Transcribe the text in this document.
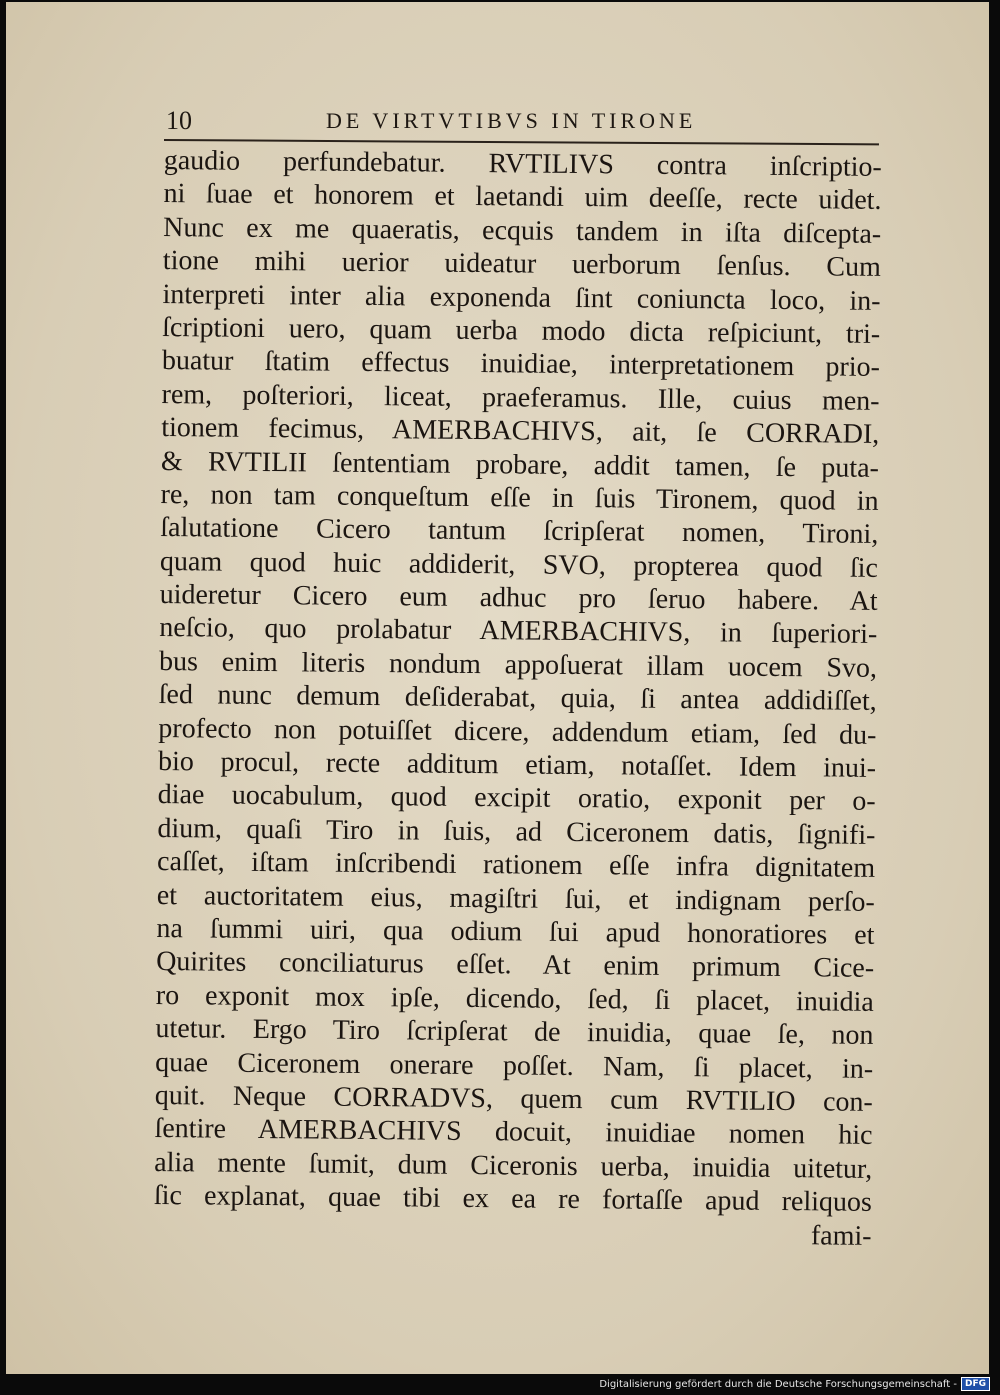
10	DE VIRTVTIBVS IN TIRONE
gaudio perfundebatur. RVTILIVS contra inſcriptio-
ni ſuae et honorem et laetandi uim deeſſe, recte uidet.
Nunc ex me quaeratis, ecquis tandem in iſta diſcepta-
tione mihi uerior uideatur uerborum ſenſus. Cum
interpreti inter alia exponenda ſint coniuncta loco, in-
ſcriptioni uero, quam uerba modo dicta reſpiciunt, tri-
buatur ſtatim effectus inuidiae, interpretationem prio-
rem, poſteriori, liceat, praeferamus. Ille, cuius men-
tionem fecimus, AMERBACHIVS, ait, ſe CORRADI,
& RVTILII ſententiam probare, addit tamen, ſe puta-
re, non tam conqueſtum eſſe in ſuis Tironem, quod in
ſalutatione Cicero tantum ſcripſerat nomen, Tironi,
quam quod huic addiderit, SVO, propterea quod ſic
uideretur Cicero eum adhuc pro ſeruo habere. At
neſcio, quo prolabatur AMERBACHIVS, in ſuperiori-
bus enim literis nondum appoſuerat illam uocem Svo,
ſed nunc demum deſiderabat, quia, ſi antea addidiſſet,
profecto non potuiſſet dicere, addendum etiam, ſed du-
bio procul, recte additum etiam, notaſſet. Idem inui-
diae uocabulum, quod excipit oratio, exponit per o-
dium, quaſi Tiro in ſuis, ad Ciceronem datis, ſignifi-
caſſet, iſtam inſcribendi rationem eſſe infra dignitatem
et auctoritatem eius, magiſtri ſui, et indignam perſo-
na ſummi uiri, qua odium ſui apud honoratiores et
Quirites conciliaturus eſſet. At enim primum Cice-
ro exponit mox ipſe, dicendo, ſed, ſi placet, inuidia
utetur. Ergo Tiro ſcripſerat de inuidia, quae ſe, non
quae Ciceronem onerare poſſet. Nam, ſi placet, in-
quit. Neque CORRADVS, quem cum RVTILIO con-
ſentire AMERBACHIVS docuit, inuidiae nomen hic
alia mente ſumit, dum Ciceronis uerba, inuidia uitetur,
ſic explanat, quae tibi ex ea re fortaſſe apud reliquos
fami-
Digitalisierung gefördert durch die Deutsche Forschungsgemeinschaft - DFG
